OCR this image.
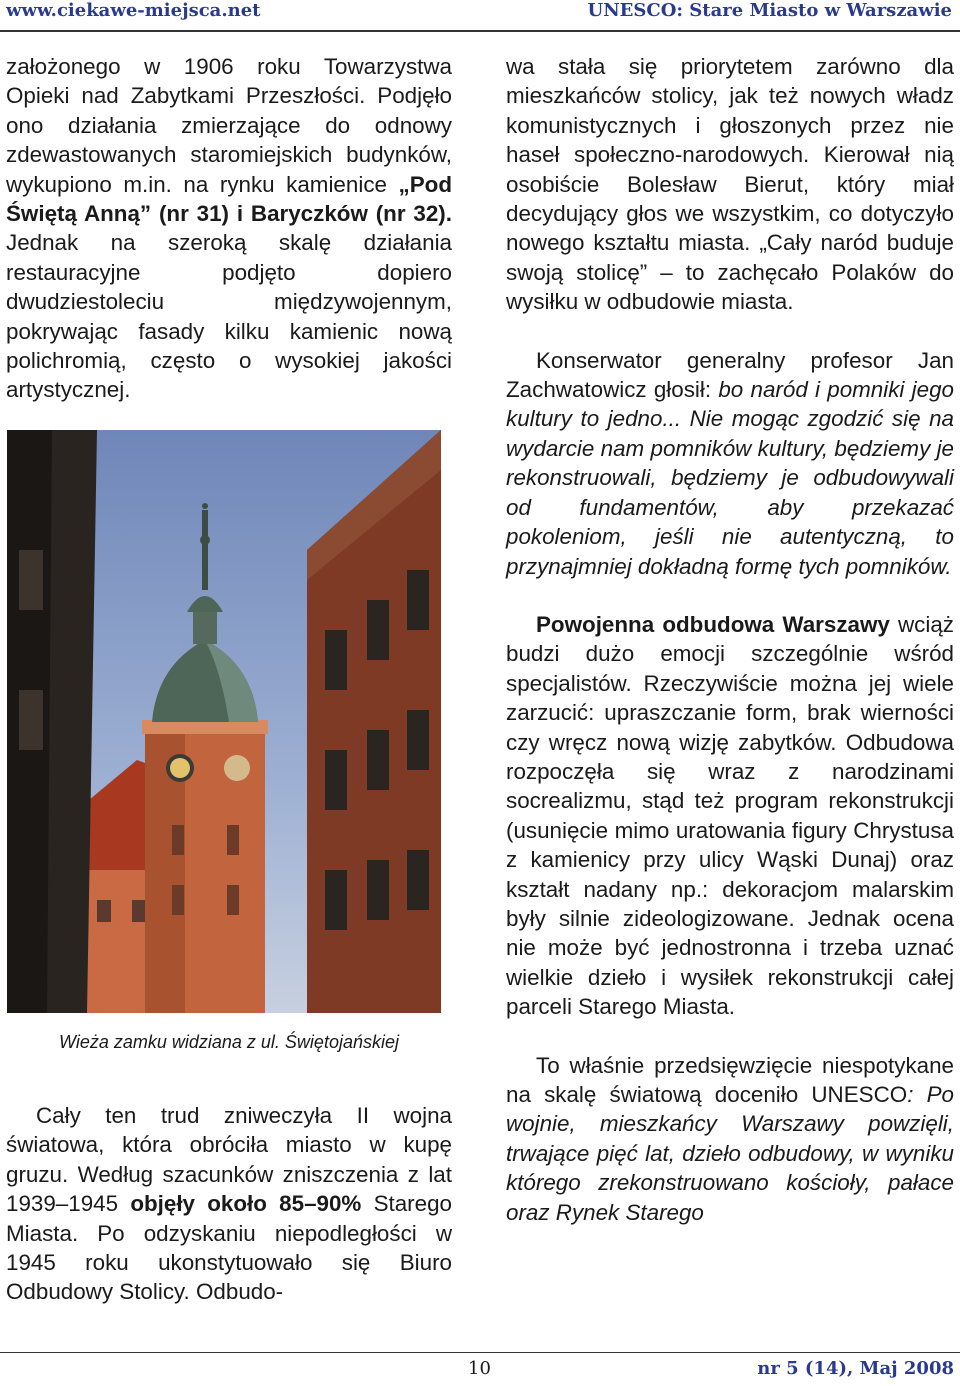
www.ciekawe-miejsca.net	UNESCO: Stare Miasto w Warszawie

założonego w 1906 roku Towarzystwa Opieki nad Zabytkami Przeszłości. Podjęło ono działania zmierzające do odnowy zdewastowanych staromiejskich budynków, wykupiono m.in. na rynku kamienice „Pod Świętą Anną” (nr 31) i Baryczków (nr 32). Jednak na szeroką skalę działania restauracyjne podjęto dopiero dwudziestoleciu międzywojennym, pokrywając fasady kilku kamienic nową polichromią, często o wysokiej jakości artystycznej.

Wieża zamku widziana z ul. Świętojańskiej

Cały ten trud zniweczyła II wojna światowa, która obróciła miasto w kupę gruzu. Według szacunków zniszczenia z lat 1939–1945 objęły około 85–90% Starego Miasta. Po odzyskaniu niepodległości w 1945 roku ukonstytuowało się Biuro Odbudowy Stolicy. Odbudo-

wa stała się priorytetem zarówno dla mieszkańców stolicy, jak też nowych władz komunistycznych i głoszonych przez nie haseł społeczno-narodowych. Kierował nią osobiście Bolesław Bierut, który miał decydujący głos we wszystkim, co dotyczyło nowego kształtu miasta. „Cały naród buduje swoją stolicę” – to zachęcało Polaków do wysiłku w odbudowie miasta.

Konserwator generalny profesor Jan Zachwatowicz głosił: bo naród i pomniki jego kultury to jedno... Nie mogąc zgodzić się na wydarcie nam pomników kultury, będziemy je rekonstruowali, będziemy je odbudowywali od fundamentów, aby przekazać pokoleniom, jeśli nie autentyczną, to przynajmniej dokładną formę tych pomników.

Powojenna odbudowa Warszawy wciąż budzi dużo emocji szczególnie wśród specjalistów. Rzeczywiście można jej wiele zarzucić: upraszczanie form, brak wierności czy wręcz nową wizję zabytków. Odbudowa rozpoczęła się wraz z narodzinami socrealizmu, stąd też program rekonstrukcji (usunięcie mimo uratowania figury Chrystusa z kamienicy przy ulicy Wąski Dunaj) oraz kształt nadany np.: dekoracjom malarskim były silnie zideologizowane. Jednak ocena nie może być jednostronna i trzeba uznać wielkie dzieło i wysiłek rekonstrukcji całej parceli Starego Miasta.

To właśnie przedsięwzięcie niespotykane na skalę światową doceniło UNESCO: Po wojnie, mieszkańcy Warszawy powzięli, trwające pięć lat, dzieło odbudowy, w wyniku którego zrekonstruowano kościoły, pałace oraz Rynek Starego

10	nr 5 (14), Maj 2008
